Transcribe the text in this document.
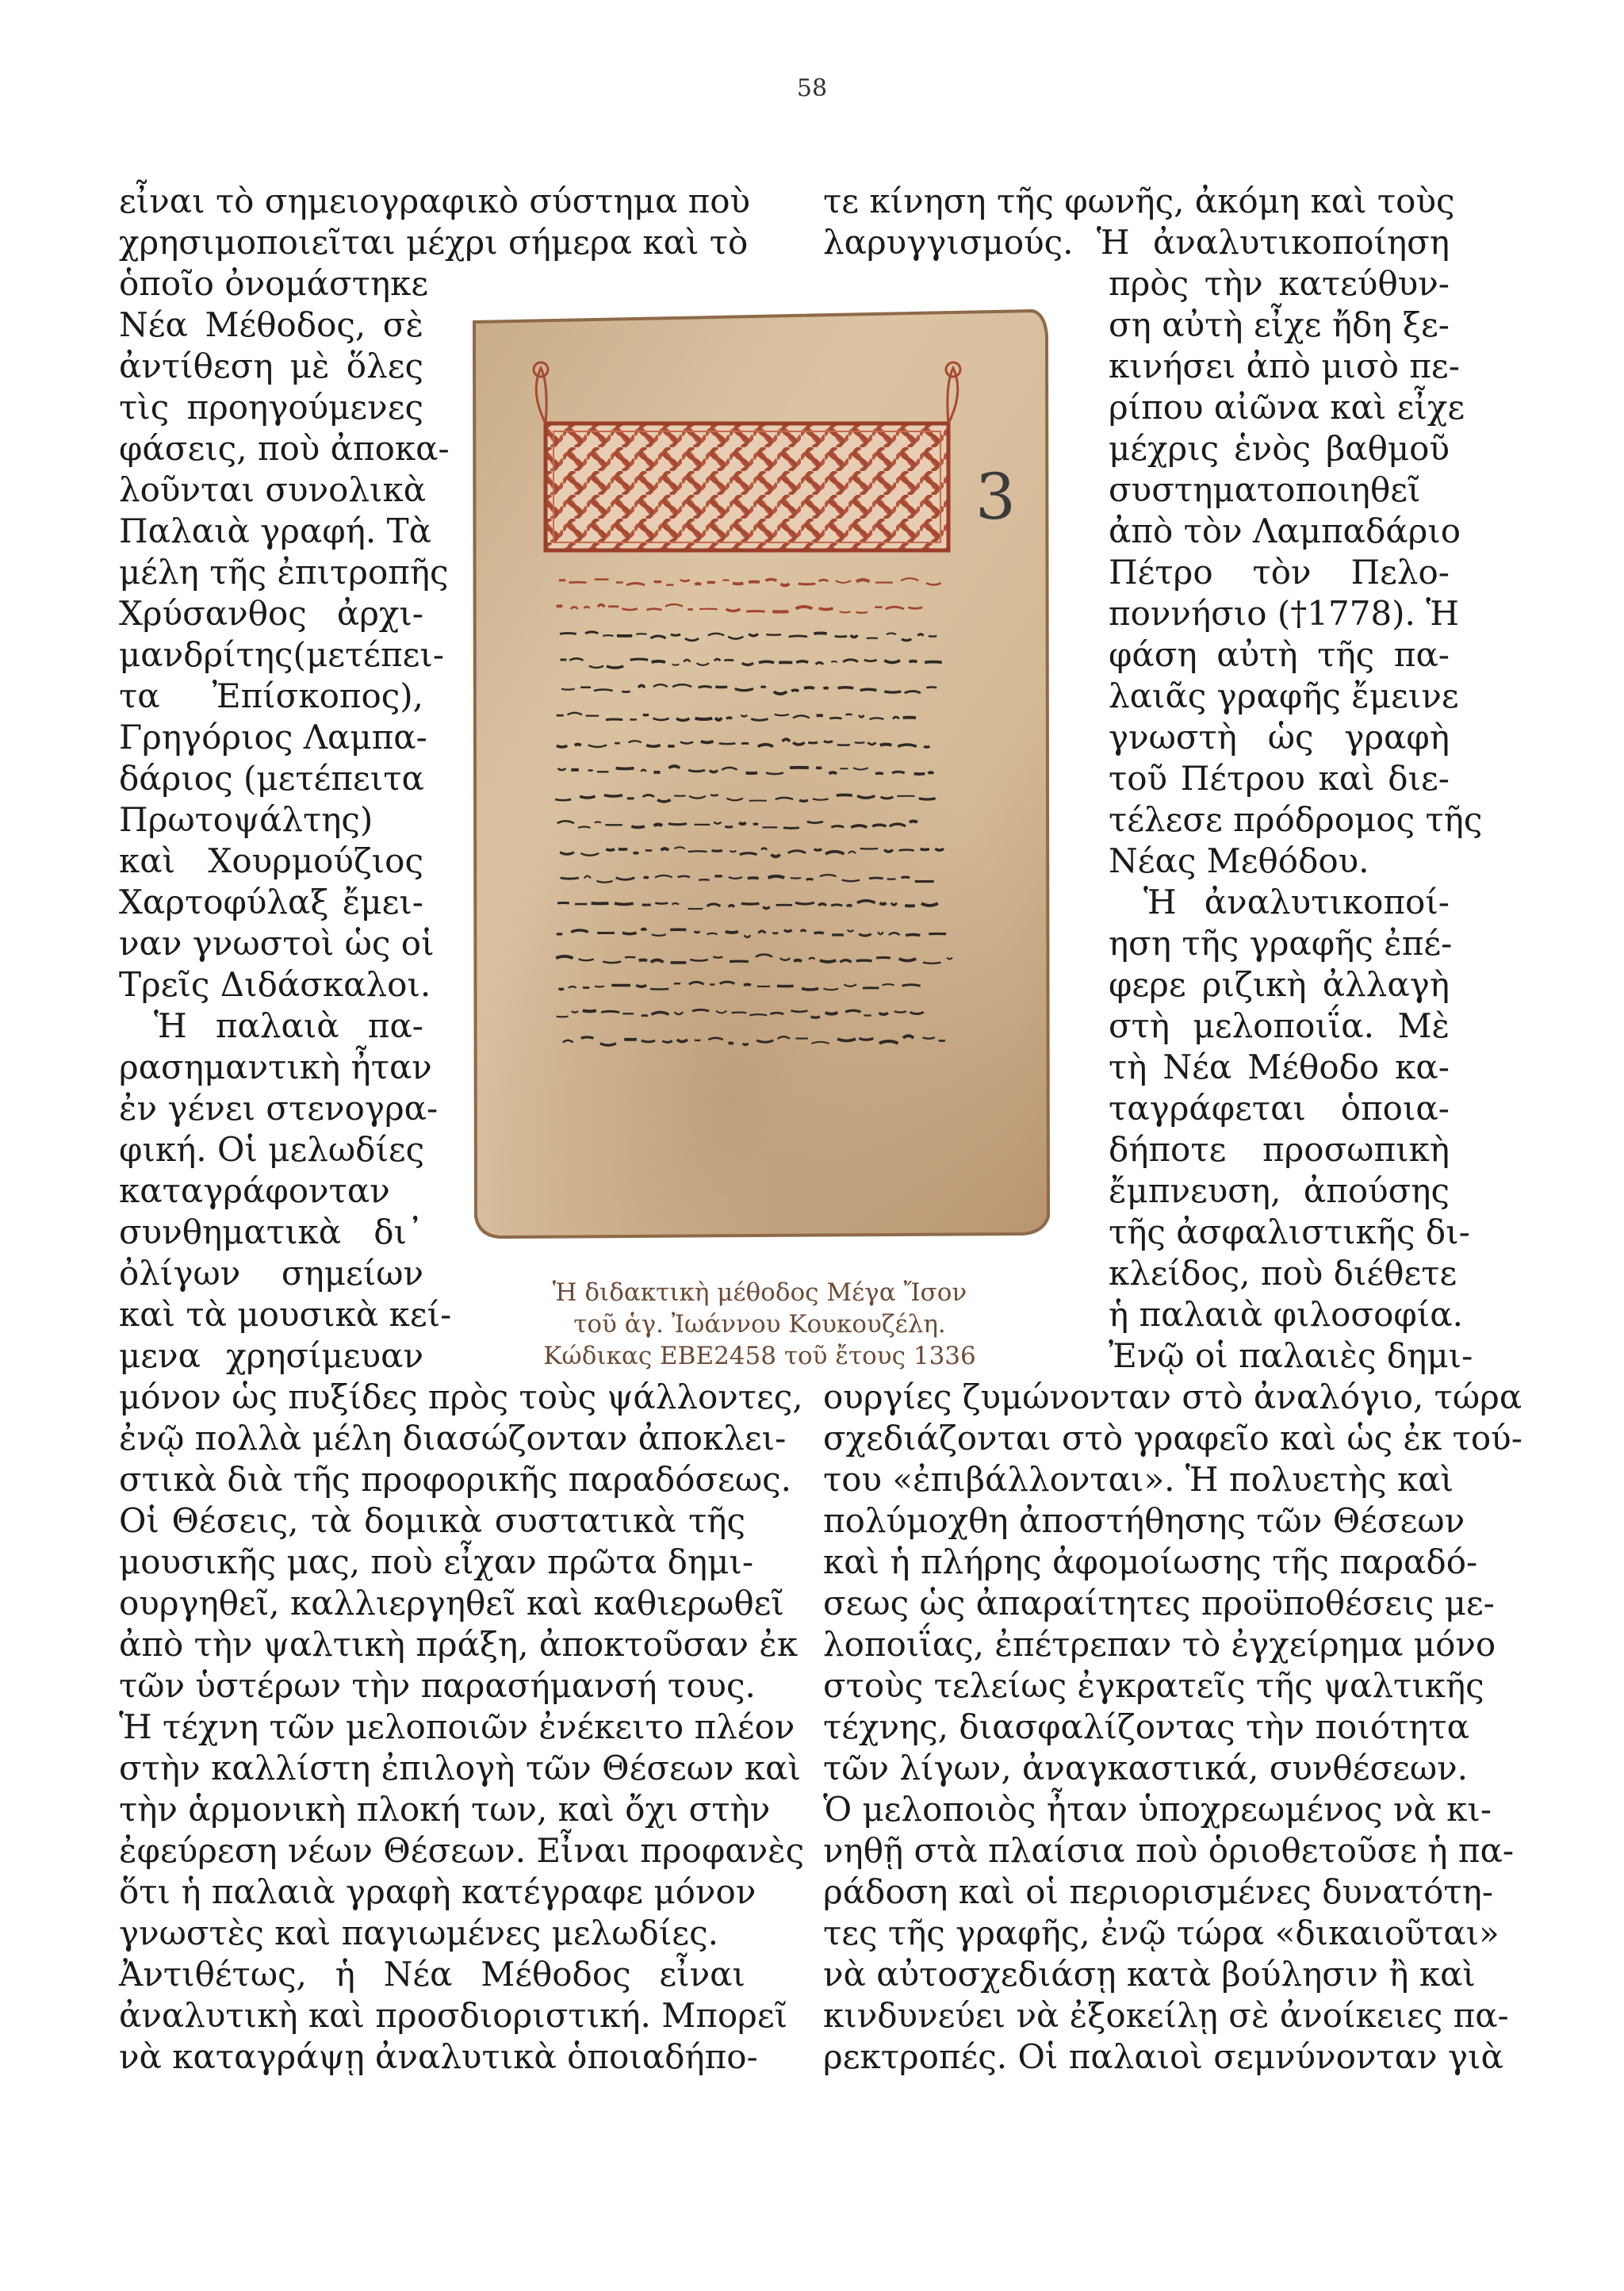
58
εἶναι τὸ σημειογραφικὸ σύστημα ποὺ
χρησιμοποιεῖται μέχρι σήμερα καὶ τὸ
ὁποῖο ὀνομάστηκε
Νέα Μέθοδος, σὲ
ἀντίθεση μὲ ὅλες
τὶς προηγούμενες
φάσεις, ποὺ ἀποκα-
λοῦνται συνολικὰ
Παλαιὰ γραφή. Τὰ
μέλη τῆς ἐπιτροπῆς
Χρύσανθος ἀρχι-
μανδρίτης(μετέπει-
τα Ἐπίσκοπος),
Γρηγόριος Λαμπα-
δάριος (μετέπειτα
Πρωτοψάλτης)
καὶ Χουρμούζιος
Χαρτοφύλαξ ἔμει-
ναν γνωστοὶ ὡς οἱ
Τρεῖς Διδάσκαλοι.
Ἡ παλαιὰ πα-
ρασημαντικὴ ἦταν
ἐν γένει στενογρα-
φική. Οἱ μελωδίες
καταγράφονταν
συνθηματικὰ δι᾿
ὀλίγων σημείων
καὶ τὰ μουσικὰ κεί-
μενα χρησίμευαν
μόνον ὡς πυξίδες πρὸς τοὺς ψάλλοντες,
ἐνῷ πολλὰ μέλη διασώζονταν ἀποκλει-
στικὰ διὰ τῆς προφορικῆς παραδόσεως.
Οἱ Θέσεις, τὰ δομικὰ συστατικὰ τῆς
μουσικῆς μας, ποὺ εἶχαν πρῶτα δημι-
ουργηθεῖ, καλλιεργηθεῖ καὶ καθιερωθεῖ
ἀπὸ τὴν ψαλτικὴ πράξη, ἀποκτοῦσαν ἐκ
τῶν ὑστέρων τὴν παρασήμανσή τους.
Ἡ τέχνη τῶν μελοποιῶν ἐνέκειτο πλέον
στὴν καλλίστη ἐπιλογὴ τῶν Θέσεων καὶ
τὴν ἁρμονικὴ πλοκή των, καὶ ὄχι στὴν
ἐφεύρεση νέων Θέσεων. Εἶναι προφανὲς
ὅτι ἡ παλαιὰ γραφὴ κατέγραφε μόνον
γνωστὲς καὶ παγιωμένες μελωδίες.
Ἀντιθέτως, ἡ Νέα Μέθοδος εἶναι
ἀναλυτικὴ καὶ προσδιοριστική. Μπορεῖ
νὰ καταγράψῃ ἀναλυτικὰ ὁποιαδήπο-
τε κίνηση τῆς φωνῆς, ἀκόμη καὶ τοὺς
λαρυγγισμούς. Ἡ ἀναλυτικοποίηση
πρὸς τὴν κατεύθυν-
ση αὐτὴ εἶχε ἤδη ξε-
κινήσει ἀπὸ μισὸ πε-
ρίπου αἰῶνα καὶ εἶχε
μέχρις ἑνὸς βαθμοῦ
συστηματοποιηθεῖ
ἀπὸ τὸν Λαμπαδάριο
Πέτρο τὸν Πελο-
ποννήσιο (†1778). Ἡ
φάση αὐτὴ τῆς πα-
λαιᾶς γραφῆς ἔμεινε
γνωστὴ ὡς γραφὴ
τοῦ Πέτρου καὶ διε-
τέλεσε πρόδρομος τῆς
Νέας Μεθόδου.
Ἡ ἀναλυτικοποί-
ηση τῆς γραφῆς ἐπέ-
φερε ριζικὴ ἀλλαγὴ
στὴ μελοποιΐα. Μὲ
τὴ Νέα Μέθοδο κα-
ταγράφεται ὁποια-
δήποτε προσωπικὴ
ἔμπνευση, ἀπούσης
τῆς ἀσφαλιστικῆς δι-
κλείδος, ποὺ διέθετε
ἡ παλαιὰ φιλοσοφία.
Ἐνῷ οἱ παλαιὲς δημι-
ουργίες ζυμώνονταν στὸ ἀναλόγιο, τώρα
σχεδιάζονται στὸ γραφεῖο καὶ ὡς ἐκ τού-
του «ἐπιβάλλονται». Ἡ πολυετὴς καὶ
πολύμοχθη ἀποστήθησης τῶν Θέσεων
καὶ ἡ πλήρης ἀφομοίωσης τῆς παραδό-
σεως ὡς ἀπαραίτητες προϋποθέσεις με-
λοποιΐας, ἐπέτρεπαν τὸ ἐγχείρημα μόνο
στοὺς τελείως ἐγκρατεῖς τῆς ψαλτικῆς
τέχνης, διασφαλίζοντας τὴν ποιότητα
τῶν λίγων, ἀναγκαστικά, συνθέσεων.
Ὁ μελοποιὸς ἦταν ὑποχρεωμένος νὰ κι-
νηθῇ στὰ πλαίσια ποὺ ὁριοθετοῦσε ἡ πα-
ράδοση καὶ οἱ περιορισμένες δυνατότη-
τες τῆς γραφῆς, ἐνῷ τώρα «δικαιοῦται»
νὰ αὐτοσχεδιάσῃ κατὰ βούλησιν ἢ καὶ
κινδυνεύει νὰ ἐξοκείλῃ σὲ ἀνοίκειες πα-
ρεκτροπές. Οἱ παλαιοὶ σεμνύνονταν γιὰ
3
Ἡ διδακτικὴ μέθοδος Μέγα Ἴσον
τοῦ ἁγ. Ἰωάννου Κουκουζέλη.
Κώδικας ΕΒΕ2458 τοῦ ἔτους 1336
